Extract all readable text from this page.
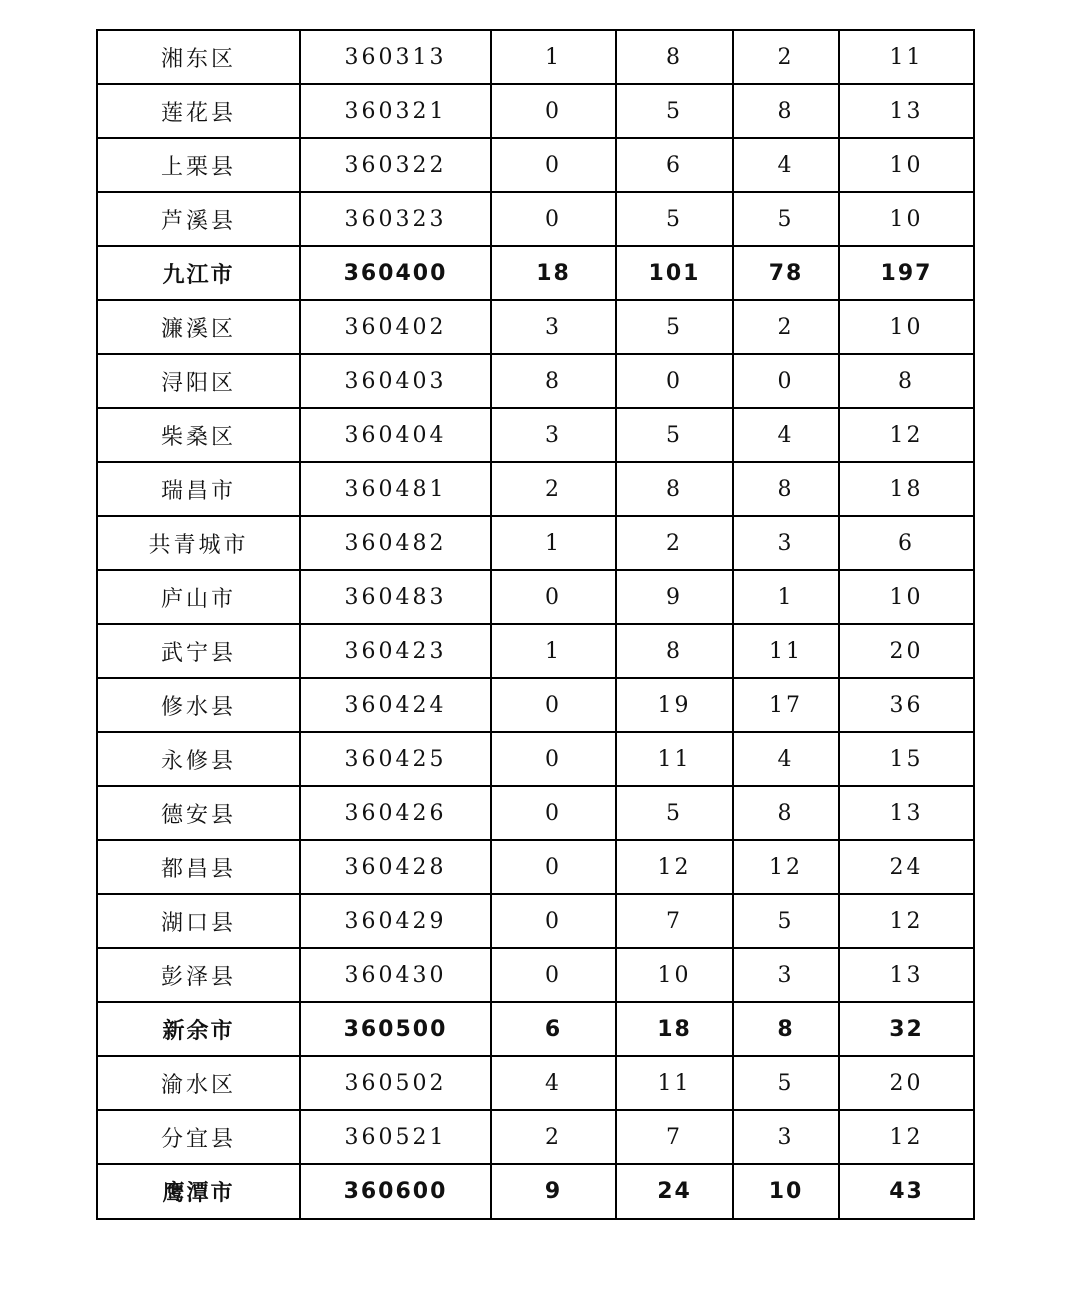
湘东区	360313	1	8	2	11
莲花县	360321	0	5	8	13
上栗县	360322	0	6	4	10
芦溪县	360323	0	5	5	10
九江市	360400	18	101	78	197
濂溪区	360402	3	5	2	10
浔阳区	360403	8	0	0	8
柴桑区	360404	3	5	4	12
瑞昌市	360481	2	8	8	18
共青城市	360482	1	2	3	6
庐山市	360483	0	9	1	10
武宁县	360423	1	8	11	20
修水县	360424	0	19	17	36
永修县	360425	0	11	4	15
德安县	360426	0	5	8	13
都昌县	360428	0	12	12	24
湖口县	360429	0	7	5	12
彭泽县	360430	0	10	3	13
新余市	360500	6	18	8	32
渝水区	360502	4	11	5	20
分宜县	360521	2	7	3	12
鹰潭市	360600	9	24	10	43
